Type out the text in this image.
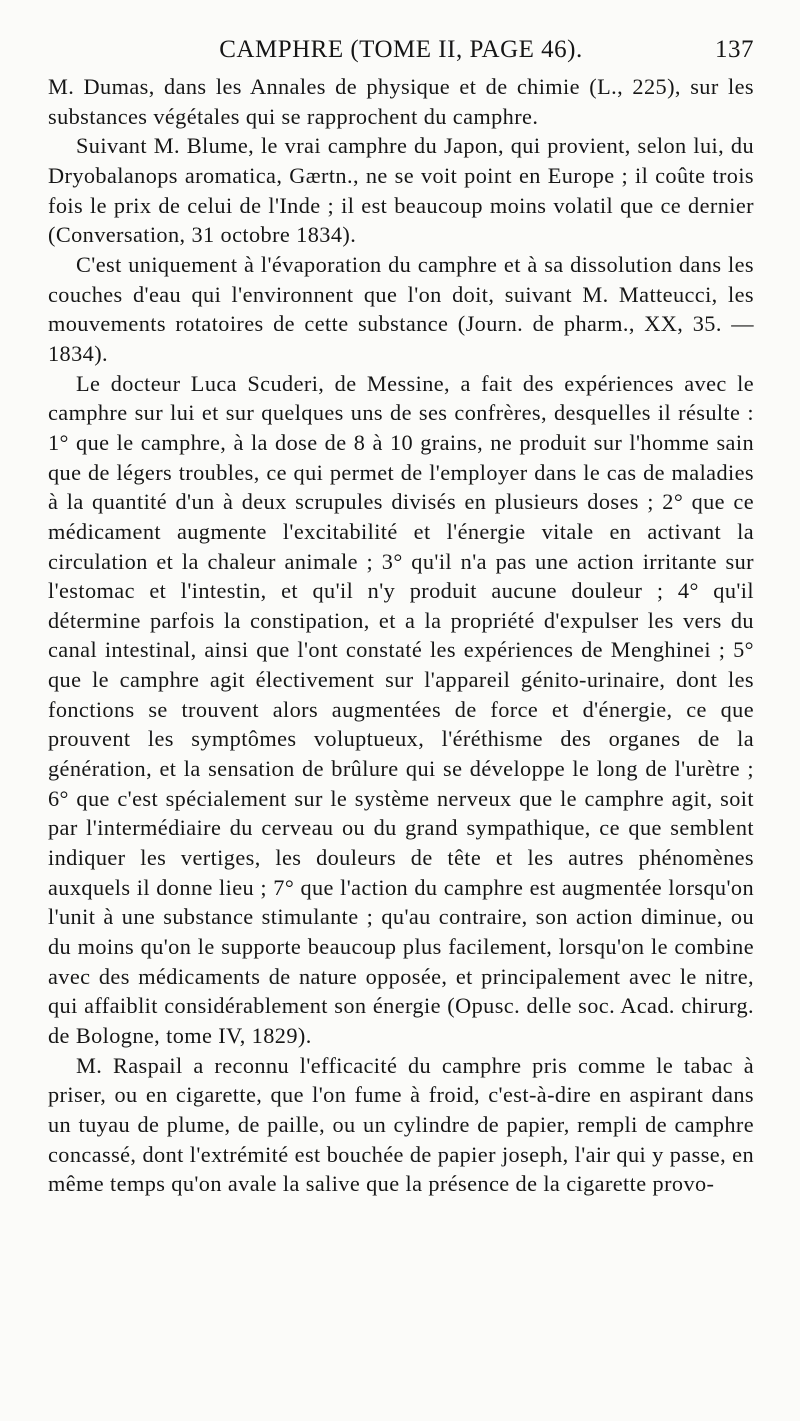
CAMPHRE (TOME II, PAGE 46).	137

M. Dumas, dans les Annales de physique et de chimie (L., 225), sur les substances végétales qui se rapprochent du camphre.

Suivant M. Blume, le vrai camphre du Japon, qui provient, selon lui, du Dryobalanops aromatica, Gærtn., ne se voit point en Europe ; il coûte trois fois le prix de celui de l'Inde ; il est beaucoup moins volatil que ce dernier (Conversation, 31 octobre 1834).

C'est uniquement à l'évaporation du camphre et à sa dissolution dans les couches d'eau qui l'environnent que l'on doit, suivant M. Matteucci, les mouvements rotatoires de cette substance (Journ. de pharm., XX, 35. — 1834).

Le docteur Luca Scuderi, de Messine, a fait des expériences avec le camphre sur lui et sur quelques uns de ses confrères, desquelles il résulte : 1° que le camphre, à la dose de 8 à 10 grains, ne produit sur l'homme sain que de légers troubles, ce qui permet de l'employer dans le cas de maladies à la quantité d'un à deux scrupules divisés en plusieurs doses ; 2° que ce médicament augmente l'excitabilité et l'énergie vitale en activant la circulation et la chaleur animale ; 3° qu'il n'a pas une action irritante sur l'estomac et l'intestin, et qu'il n'y produit aucune douleur ; 4° qu'il détermine parfois la constipation, et a la propriété d'expulser les vers du canal intestinal, ainsi que l'ont constaté les expériences de Menghinei ; 5° que le camphre agit électivement sur l'appareil génito-urinaire, dont les fonctions se trouvent alors augmentées de force et d'énergie, ce que prouvent les symptômes voluptueux, l'éréthisme des organes de la génération, et la sensation de brûlure qui se développe le long de l'urètre ; 6° que c'est spécialement sur le système nerveux que le camphre agit, soit par l'intermédiaire du cerveau ou du grand sympathique, ce que semblent indiquer les vertiges, les douleurs de tête et les autres phénomènes auxquels il donne lieu ; 7° que l'action du camphre est augmentée lorsqu'on l'unit à une substance stimulante ; qu'au contraire, son action diminue, ou du moins qu'on le supporte beaucoup plus facilement, lorsqu'on le combine avec des médicaments de nature opposée, et principalement avec le nitre, qui affaiblit considérablement son énergie (Opusc. delle soc. Acad. chirurg. de Bologne, tome IV, 1829).

M. Raspail a reconnu l'efficacité du camphre pris comme le tabac à priser, ou en cigarette, que l'on fume à froid, c'est-à-dire en aspirant dans un tuyau de plume, de paille, ou un cylindre de papier, rempli de camphre concassé, dont l'extrémité est bouchée de papier joseph, l'air qui y passe, en même temps qu'on avale la salive que la présence de la cigarette provo-
